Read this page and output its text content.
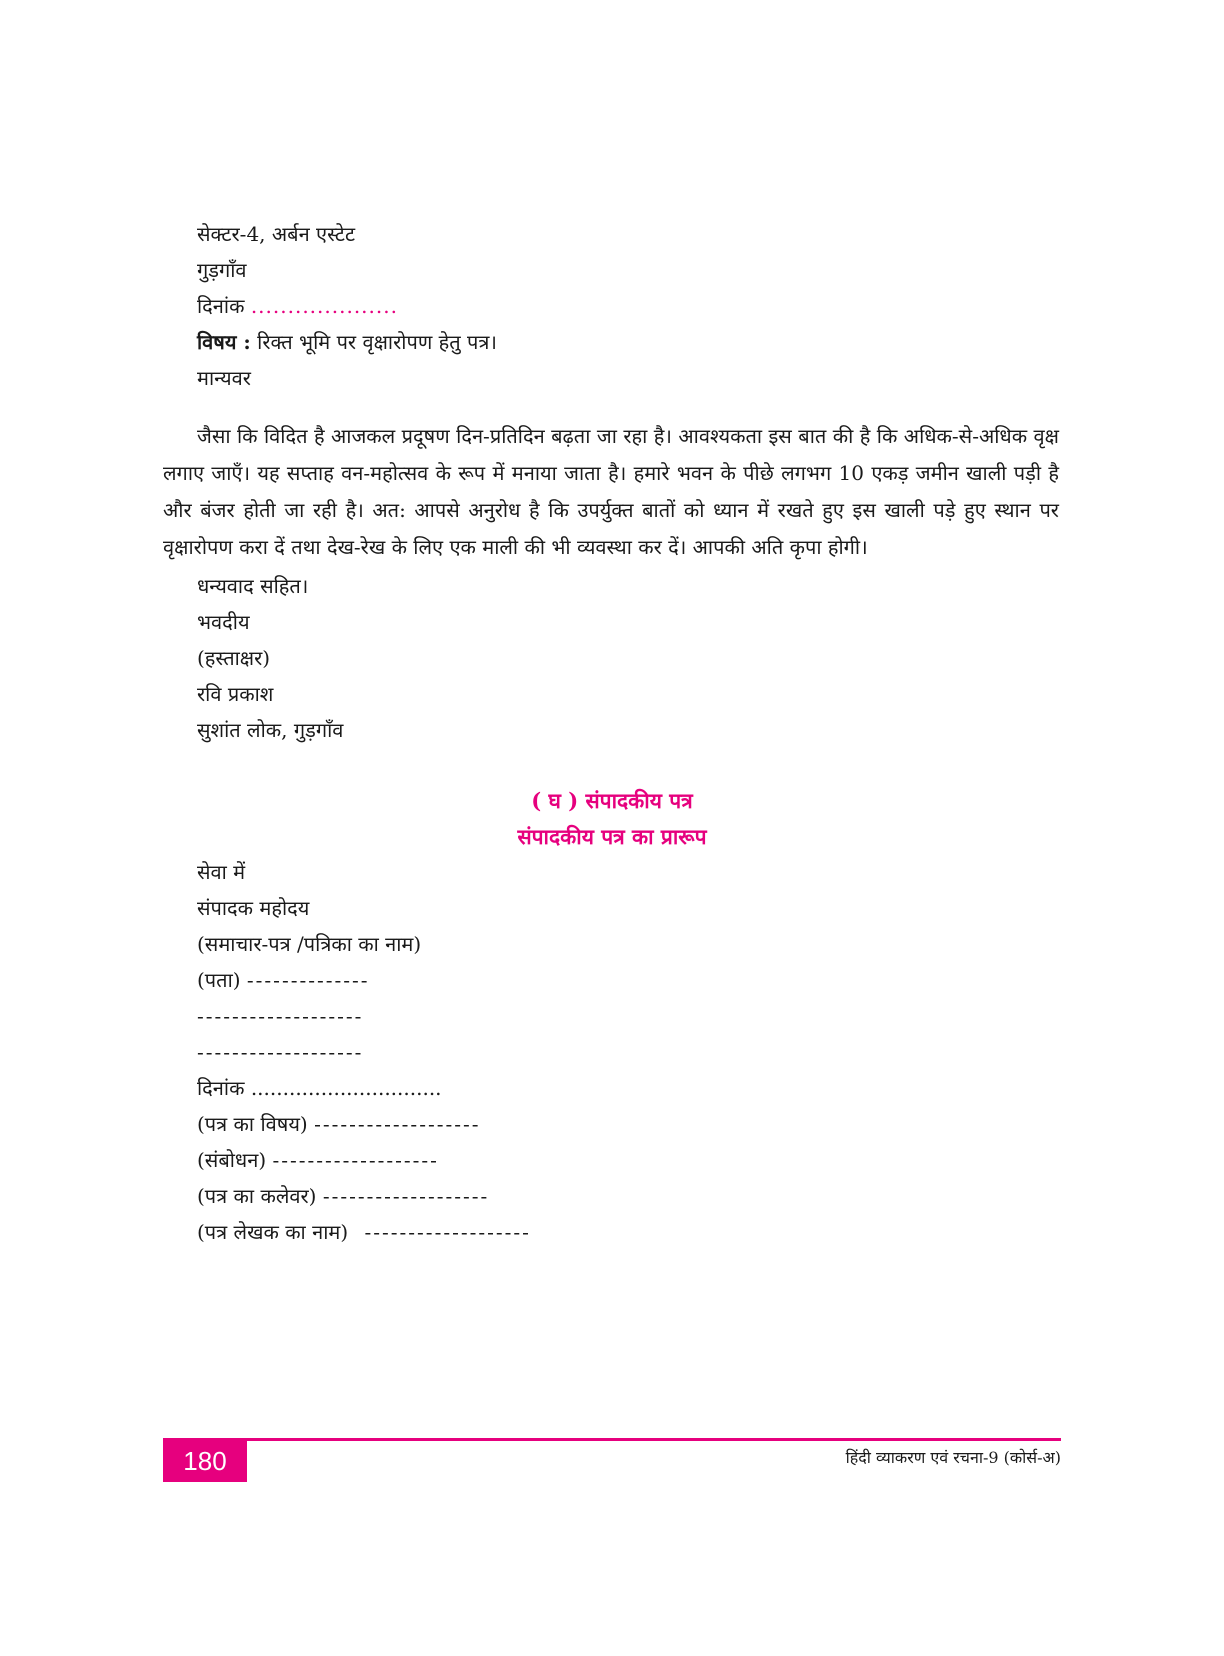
सेक्टर-4, अर्बन एस्टेट
गुड़गाँव
दिनांक ....................
विषय : रिक्त भूमि पर वृक्षारोपण हेतु पत्र।
मान्यवर
जैसा कि विदित है आजकल प्रदूषण दिन-प्रतिदिन बढ़ता जा रहा है। आवश्यकता इस बात की है कि अधिक-से-अधिक वृक्ष लगाए जाएँ। यह सप्ताह वन-महोत्सव के रूप में मनाया जाता है। हमारे भवन के पीछे लगभग 10 एकड़ जमीन खाली पड़ी है और बंजर होती जा रही है। अत: आपसे अनुरोध है कि उपर्युक्त बातों को ध्यान में रखते हुए इस खाली पड़े हुए स्थान पर वृक्षारोपण करा दें तथा देख-रेख के लिए एक माली की भी व्यवस्था कर दें। आपकी अति कृपा होगी।
धन्यवाद सहित।
भवदीय
(हस्ताक्षर)
रवि प्रकाश
सुशांत लोक, गुड़गाँव
( घ ) संपादकीय पत्र
संपादकीय पत्र का प्रारूप
सेवा में
संपादक महोदय
(समाचार-पत्र /पत्रिका का नाम)
(पता) --------------
-------------------
-------------------
दिनांक ..............................
(पत्र का विषय) -------------------
(संबोधन) -------------------
(पत्र का कलेवर) -------------------
(पत्र लेखक का नाम) -------------------
180	हिंदी व्याकरण एवं रचना-9 (कोर्स-अ)
